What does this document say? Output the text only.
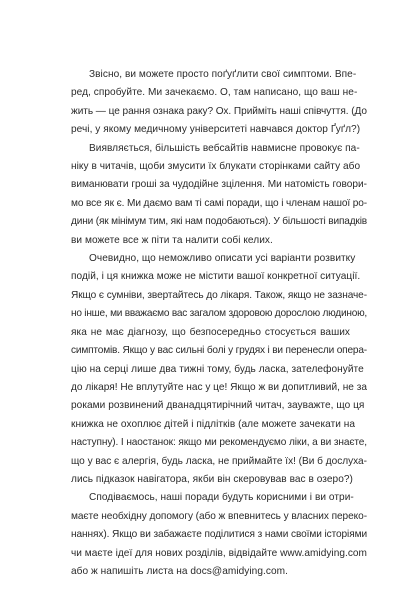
Звісно, ви можете просто поґуґлити свої симптоми. Впе-
ред, спробуйте. Ми зачекаємо. О, там написано, що ваш не-
жить — це рання ознака раку? Ох. Прийміть наші співчуття. (До
речі, у якому медичному університеті навчався доктор Ґуґл?)

Виявляється, більшість вебсайтів навмисне провокує па-
ніку в читачів, щоби змусити їх блукати сторінками сайту або
виманювати гроші за чудодійне зцілення. Ми натомість говори-
мо все як є. Ми даємо вам ті самі поради, що і членам нашої ро-
дини (як мінімум тим, які нам подобаються). У більшості випадків
ви можете все ж піти та налити собі келих.

Очевидно, що неможливо описати усі варіанти розвитку
подій, і ця книжка може не містити вашої конкретної ситуації.
Якщо є сумніви, звертайтесь до лікаря. Також, якщо не зазначе-
но інше, ми вважаємо вас загалом здоровою дорослою людиною,
яка не має діагнозу, що безпосередньо стосується ваших
симптомів. Якщо у вас сильні болі у грудях і ви перенесли опера-
цію на серці лише два тижні тому, будь ласка, зателефонуйте
до лікаря! Не вплутуйте нас у це! Якщо ж ви допитливий, не за
роками розвинений дванадцятирічний читач, зауважте, що ця
книжка не охоплює дітей і підлітків (але можете зачекати на
наступну). І наостанок: якщо ми рекомендуємо ліки, а ви знаєте,
що у вас є алергія, будь ласка, не приймайте їх! (Ви б дослуха-
лись підказок навігатора, якби він скеровував вас в озеро?)

Сподіваємось, наші поради будуть корисними і ви отри-
маєте необхідну допомогу (або ж впевнитесь у власних переко-
наннях). Якщо ви забажаєте поділитися з нами своїми історіями
чи маєте ідеї для нових розділів, відвідайте www.amidying.com
або ж напишіть листа на docs@amidying.com.
